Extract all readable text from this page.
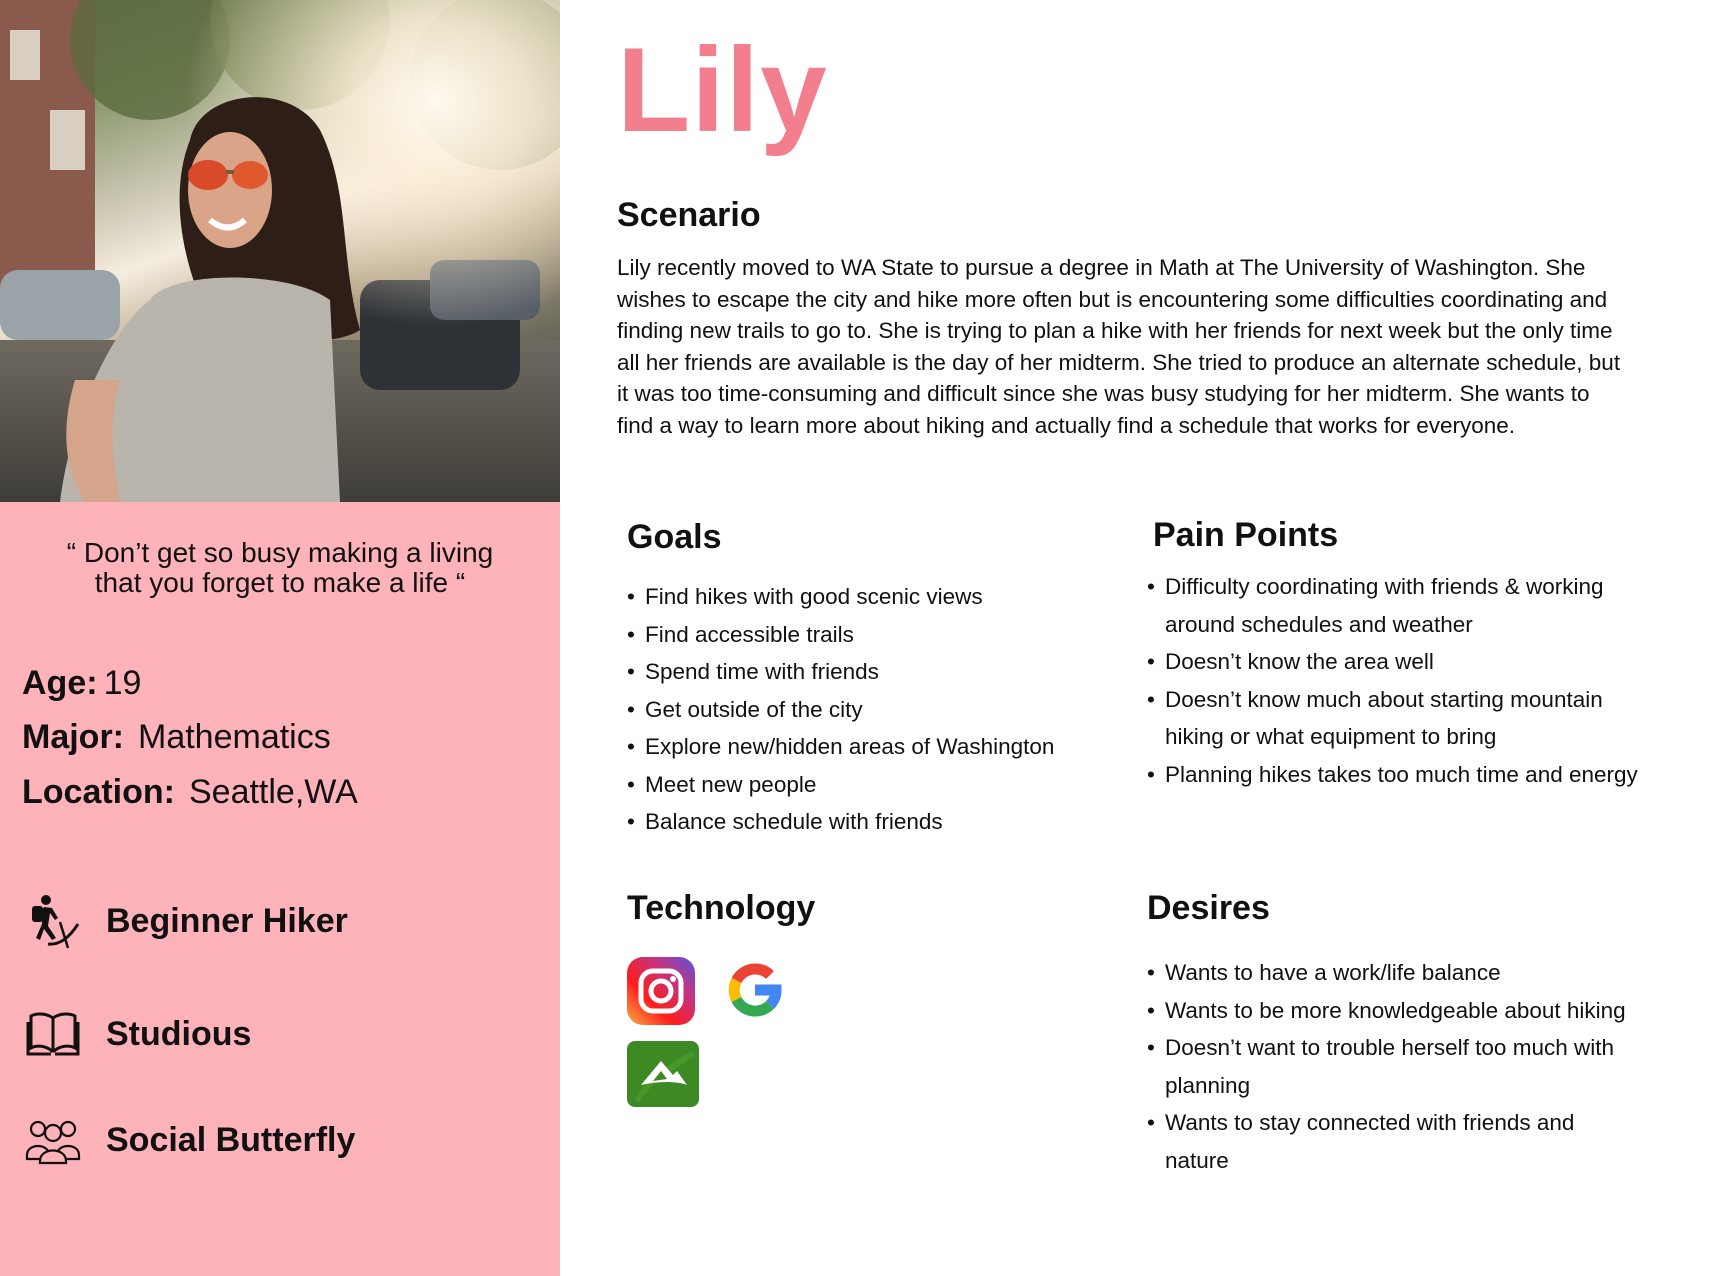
“ Don’t get so busy making a living
that you forget to make a life “
Age: 19
Major: Mathematics
Location: Seattle,WA
Beginner Hiker
Studious
Social Butterfly
Lily
Scenario
Lily recently moved to WA State to pursue a degree in Math at The University of Washington. She wishes to escape the city and hike more often but is encountering some difficulties coordinating and finding new trails to go to. She is trying to plan a hike with her friends for next week but the only time all her friends are available is the day of her midterm. She tried to produce an alternate schedule, but it was too time-consuming and difficult since she was busy studying for her midterm. She wants to find a way to learn more about hiking and actually find a schedule that works for everyone.
Goals
• Find hikes with good scenic views
• Find accessible trails
• Spend time with friends
• Get outside of the city
• Explore new/hidden areas of Washington
• Meet new people
• Balance schedule with friends
Pain Points
• Difficulty coordinating with friends & working around schedules and weather
• Doesn’t know the area well
• Doesn’t know much about starting mountain hiking or what equipment to bring
• Planning hikes takes too much time and energy
Technology	Desires
• Wants to have a work/life balance
• Wants to be more knowledgeable about hiking
• Doesn’t want to trouble herself too much with planning
• Wants to stay connected with friends and nature
